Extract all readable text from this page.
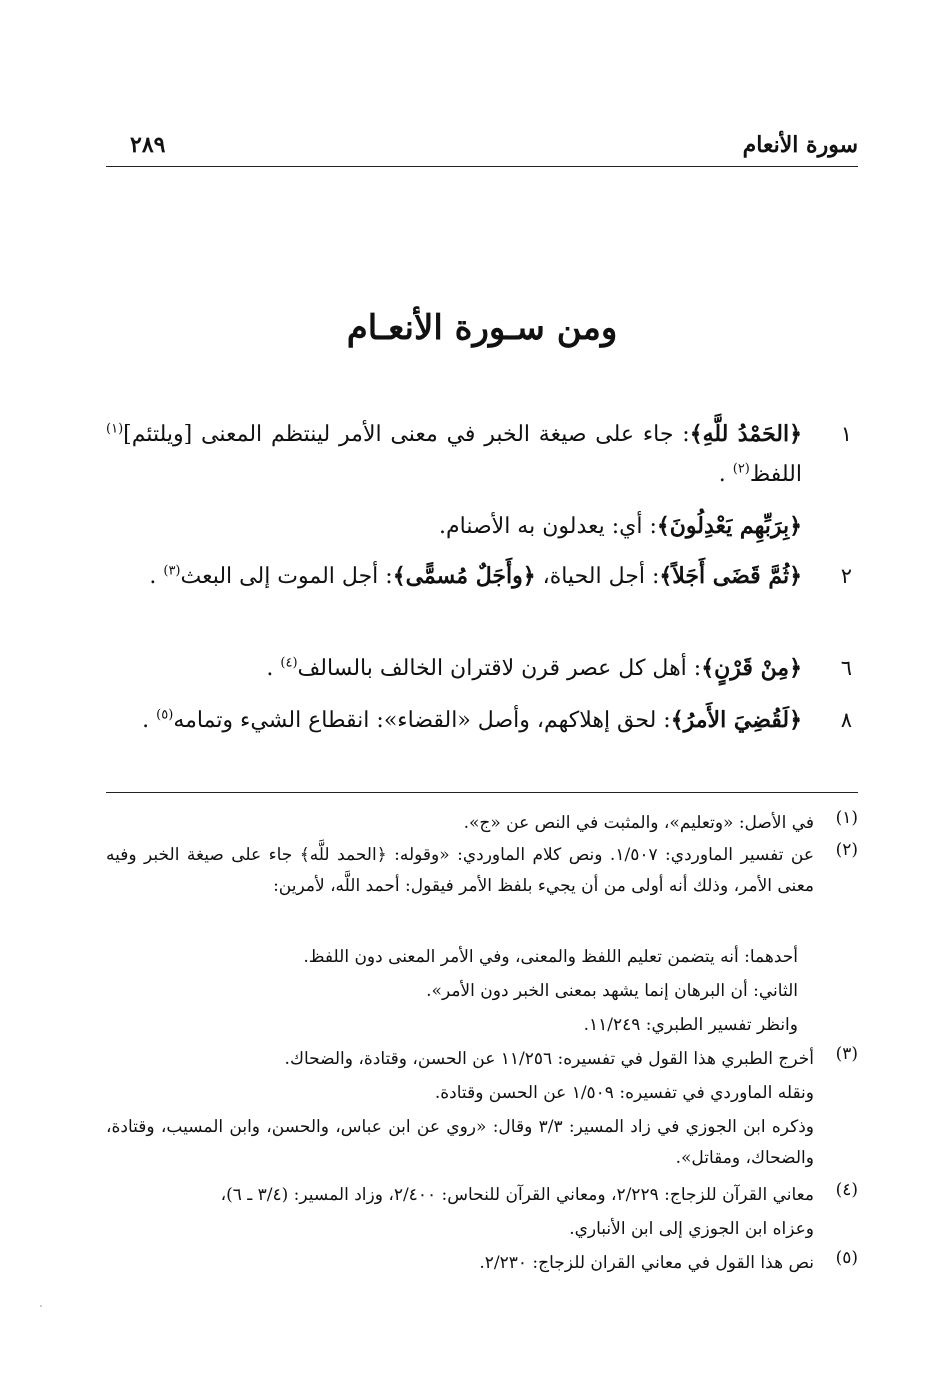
سورة الأنعام
٢٨٩
ومن سـورة الأنعـام
١
﴿الحَمْدُ للَّهِ﴾: جاء على صيغة الخبر في معنى الأمر لينتظم المعنى [ويلتئم]$^{(١)}$ اللفظ$^{(٢)}$ .
﴿بِرَبِّهِم يَعْدِلُونَ﴾: أي: يعدلون به الأصنام.
٢
﴿ثُمَّ قَضَى أَجَلاً﴾: أجل الحياة، ﴿وأَجَلٌ مُسمًّى﴾: أجل الموت إلى البعث$^{(٣)}$ .
٦
﴿مِنْ قَرْنٍ﴾: أهل كل عصر قرن لاقتران الخالف بالسالف$^{(٤)}$ .
٨
﴿لَقُضِيَ الأَمرُ﴾: لحق إهلاكهم، وأصل «القضاء»: انقطاع الشيء وتمامه$^{(٥)}$ .
(١)
في الأصل: «وتعليم»، والمثبت في النص عن «ج».
(٢)
عن تفسير الماوردي: ١/٥٠٧. ونص كلام الماوردي: «وقوله: ﴿الحمد للَّه﴾ جاء على صيغة الخبر وفيه معنى الأمر، وذلك أنه أولى من أن يجيء بلفظ الأمر فيقول: أحمد اللَّه، لأمرين:
أحدهما: أنه يتضمن تعليم اللفظ والمعنى، وفي الأمر المعنى دون اللفظ.
الثاني: أن البرهان إنما يشهد بمعنى الخبر دون الأمر».
وانظر تفسير الطبري: ١١/٢٤٩.
(٣)
أخرج الطبري هذا القول في تفسيره: ١١/٢٥٦ عن الحسن، وقتادة، والضحاك.
ونقله الماوردي في تفسيره: ١/٥٠٩ عن الحسن وقتادة.
وذكره ابن الجوزي في زاد المسير: ٣/٣ وقال: «روي عن ابن عباس، والحسن، وابن المسيب، وقتادة، والضحاك، ومقاتل».
(٤)
معاني القرآن للزجاج: ٢/٢٢٩، ومعاني القرآن للنحاس: ٢/٤٠٠، وزاد المسير: (٣/٤ ـ ٦)،
وعزاه ابن الجوزي إلى ابن الأنباري.
(٥)
نص هذا القول في معاني القران للزجاج: ٢/٢٣٠.
